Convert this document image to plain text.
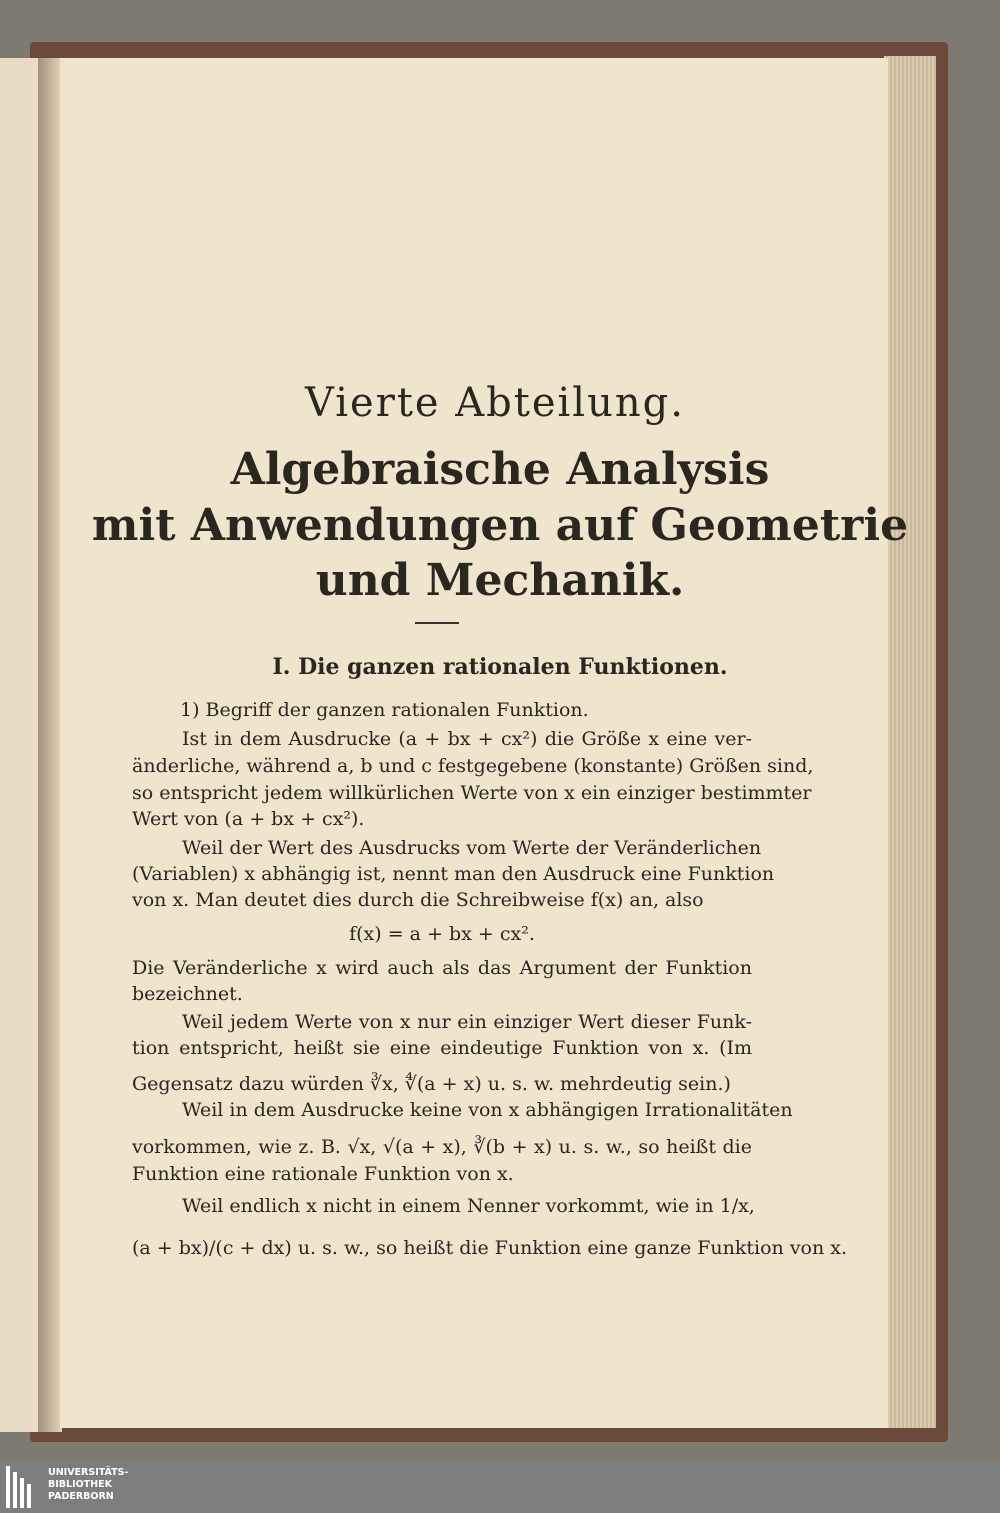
Vierte Abteilung.
Algebraische Analysis
mit Anwendungen auf Geometrie
und Mechanik.
I. Die ganzen rationalen Funktionen.
1) Begriff der ganzen rationalen Funktion.
Ist in dem Ausdrucke (a + bx + cx²) die Größe x eine ver-
änderliche, während a, b und c festgegebene (konstante) Größen sind,
so entspricht jedem willkürlichen Werte von x ein einziger bestimmter
Wert von (a + bx + cx²).
Weil der Wert des Ausdrucks vom Werte der Veränderlichen
(Variablen) x abhängig ist, nennt man den Ausdruck eine Funktion
von x. Man deutet dies durch die Schreibweise f(x) an, also
f(x) = a + bx + cx².
Die Veränderliche x wird auch als das Argument der Funktion
bezeichnet.
Weil jedem Werte von x nur ein einziger Wert dieser Funk-
tion entspricht, heißt sie eine eindeutige Funktion von x. (Im
Gegensatz dazu würden ∛x, ∜(a + x) u. s. w. mehrdeutig sein.)
Weil in dem Ausdrucke keine von x abhängigen Irrationalitäten
vorkommen, wie z. B. √x, √(a + x), ∛(b + x) u. s. w., so heißt die
Funktion eine rationale Funktion von x.
Weil endlich x nicht in einem Nenner vorkommt, wie in 1/x,
(a + bx)/(c + dx) u. s. w., so heißt die Funktion eine ganze Funktion von x.
UNIVERSITÄTS-
BIBLIOTHEK
PADERBORN
